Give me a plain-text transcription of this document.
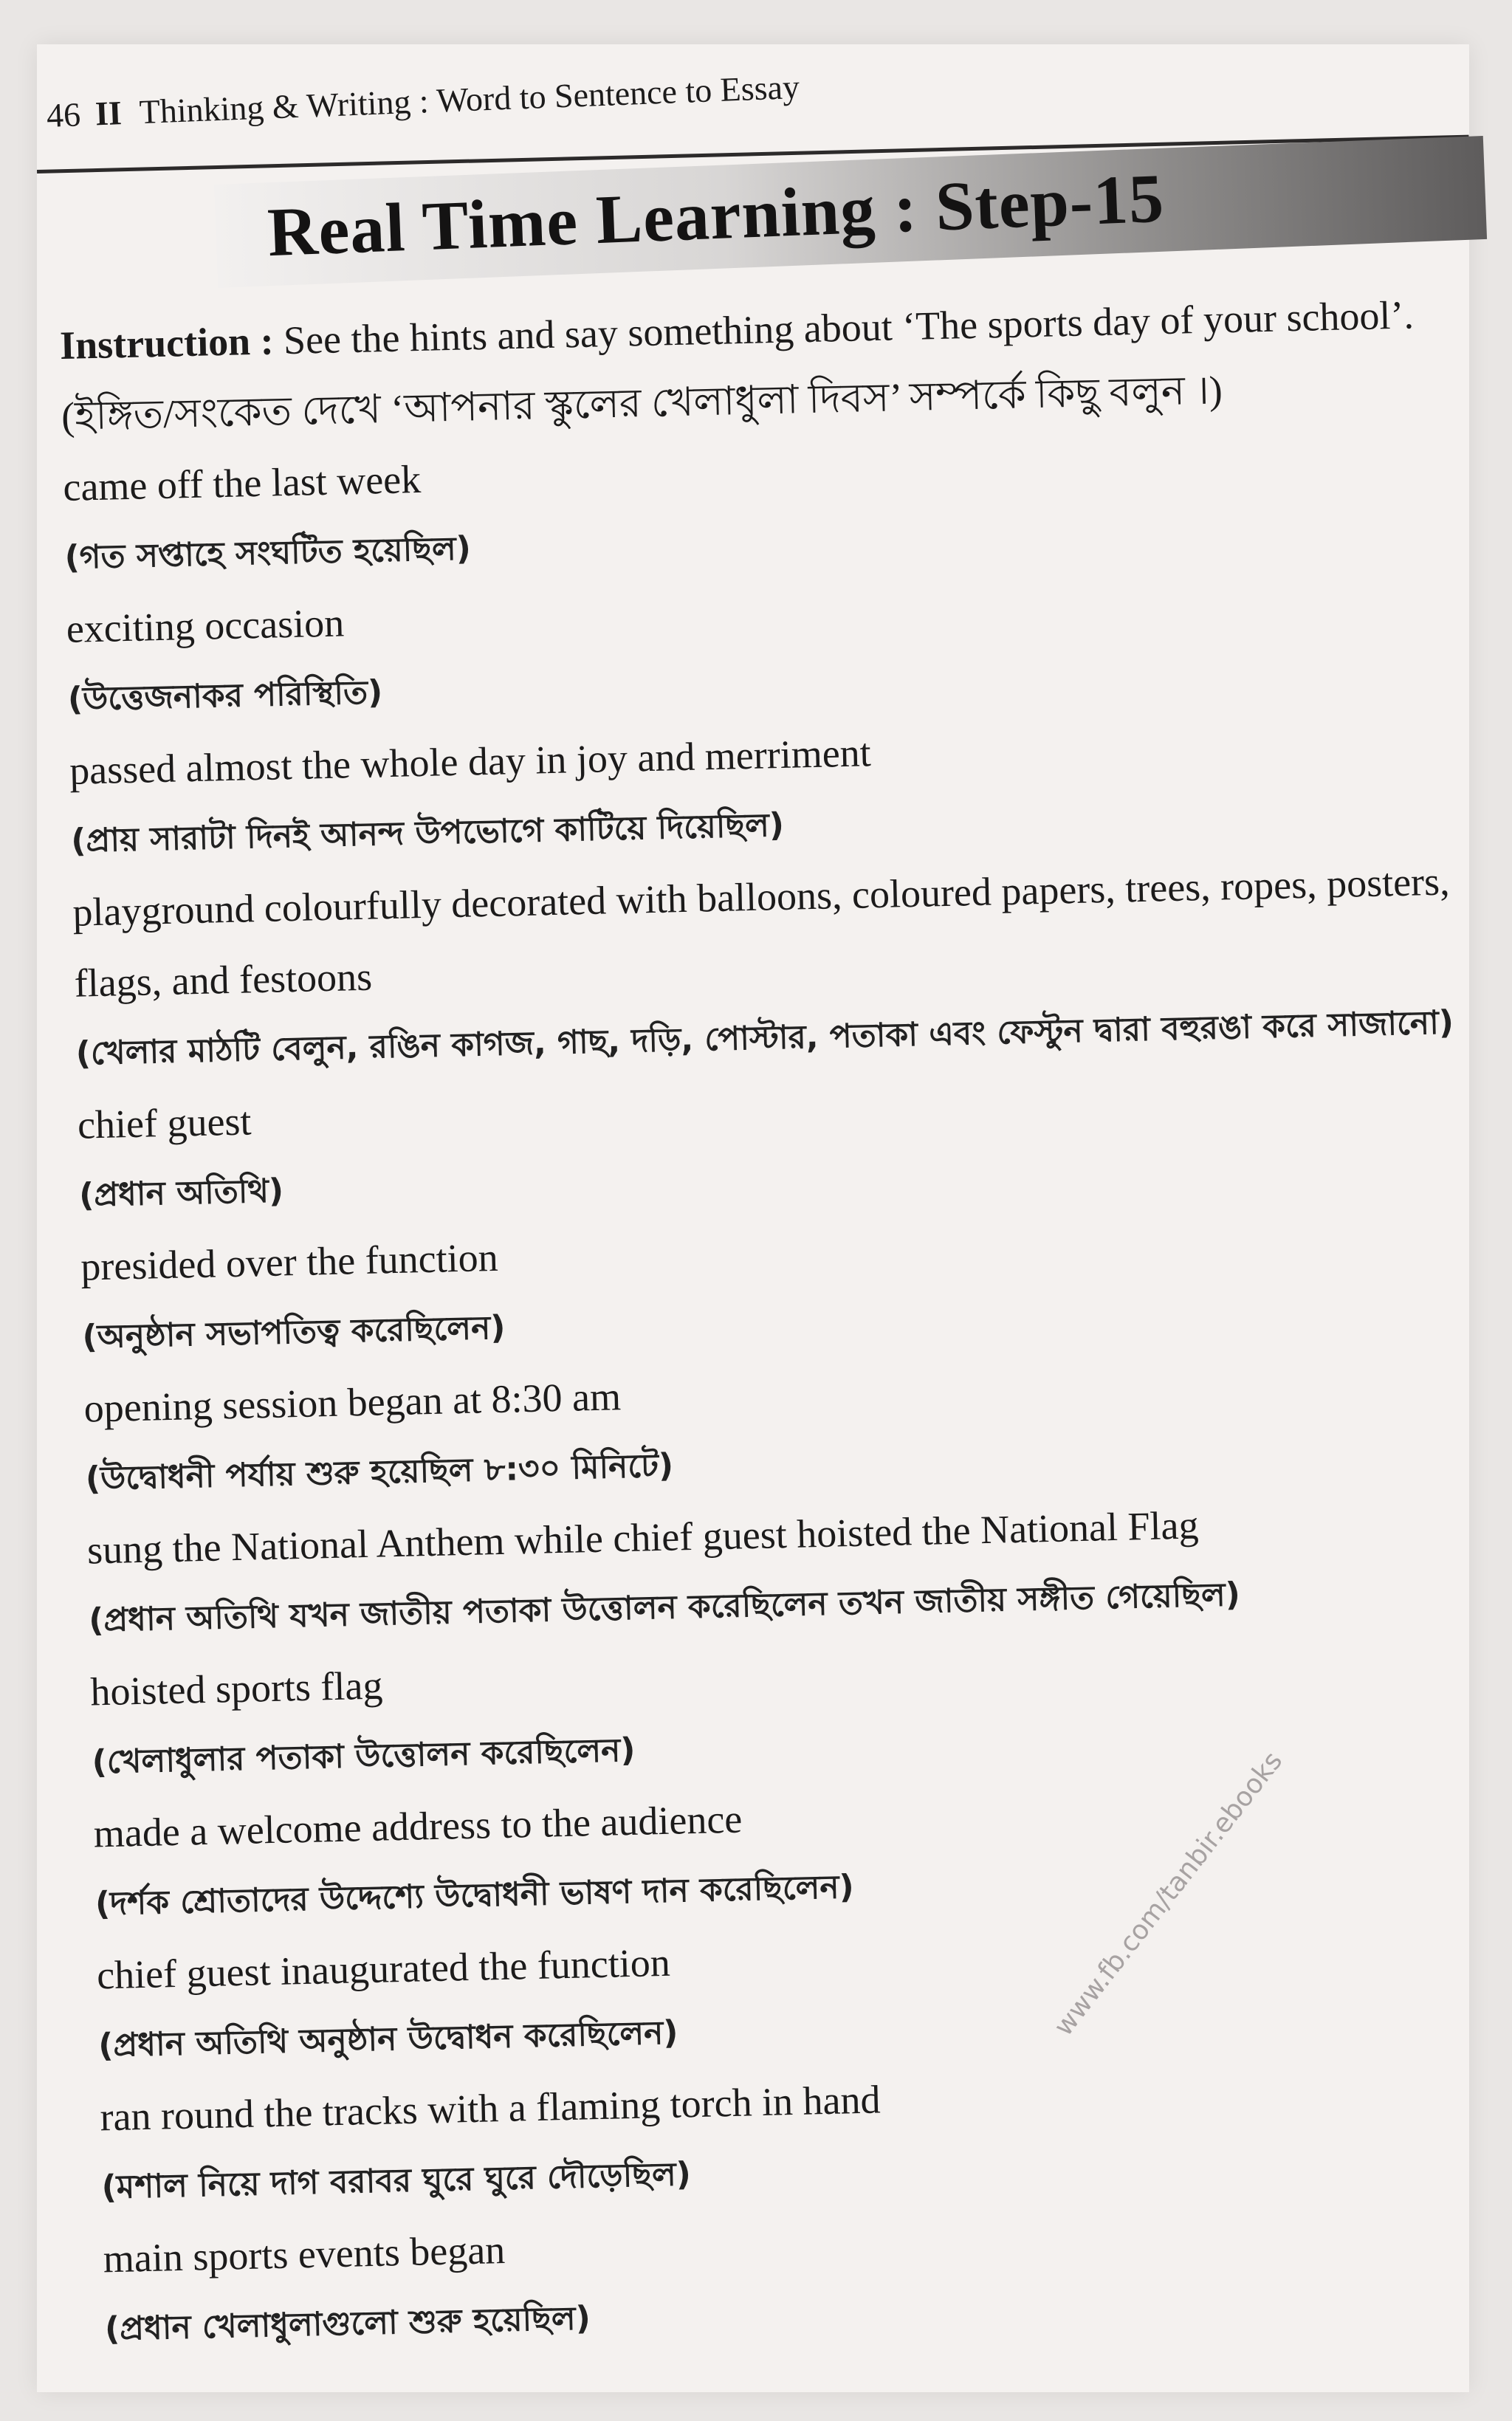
46 II Thinking & Writing : Word to Sentence to Essay
Real Time Learning : Step-15
Instruction : See the hints and say something about ‘The sports day of your school’. (ইঙ্গিত/সংকেত দেখে ‘আপনার স্কুলের খেলাধুলা দিবস’ সম্পর্কে কিছু বলুন ।)
came off the last week
(গত সপ্তাহে সংঘটিত হয়েছিল)
exciting occasion
(উত্তেজনাকর পরিস্থিতি)
passed almost the whole day in joy and merriment
(প্রায় সারাটা দিনই আনন্দ উপভোগে কাটিয়ে দিয়েছিল)
playground colourfully decorated with balloons, coloured papers, trees, ropes, posters, flags, and festoons
(খেলার মাঠটি বেলুন, রঙিন কাগজ, গাছ, দড়ি, পোস্টার, পতাকা এবং ফেস্টুন দ্বারা বহুরঙা করে সাজানো)
chief guest
(প্রধান অতিথি)
presided over the function
(অনুষ্ঠান সভাপতিত্ব করেছিলেন)
opening session began at 8:30 am
(উদ্বোধনী পর্যায় শুরু হয়েছিল ৮:৩০ মিনিটে)
sung the National Anthem while chief guest hoisted the National Flag
(প্রধান অতিথি যখন জাতীয় পতাকা উত্তোলন করেছিলেন তখন জাতীয় সঙ্গীত গেয়েছিল)
hoisted sports flag
(খেলাধুলার পতাকা উত্তোলন করেছিলেন)
made a welcome address to the audience
(দর্শক শ্রোতাদের উদ্দেশ্যে উদ্বোধনী ভাষণ দান করেছিলেন)
chief guest inaugurated the function
(প্রধান অতিথি অনুষ্ঠান উদ্বোধন করেছিলেন)
ran round the tracks with a flaming torch in hand
(মশাল নিয়ে দাগ বরাবর ঘুরে ঘুরে দৌড়েছিল)
main sports events began
(প্রধান খেলাধুলাগুলো শুরু হয়েছিল)
www.fb.com/tanbir.ebooks
